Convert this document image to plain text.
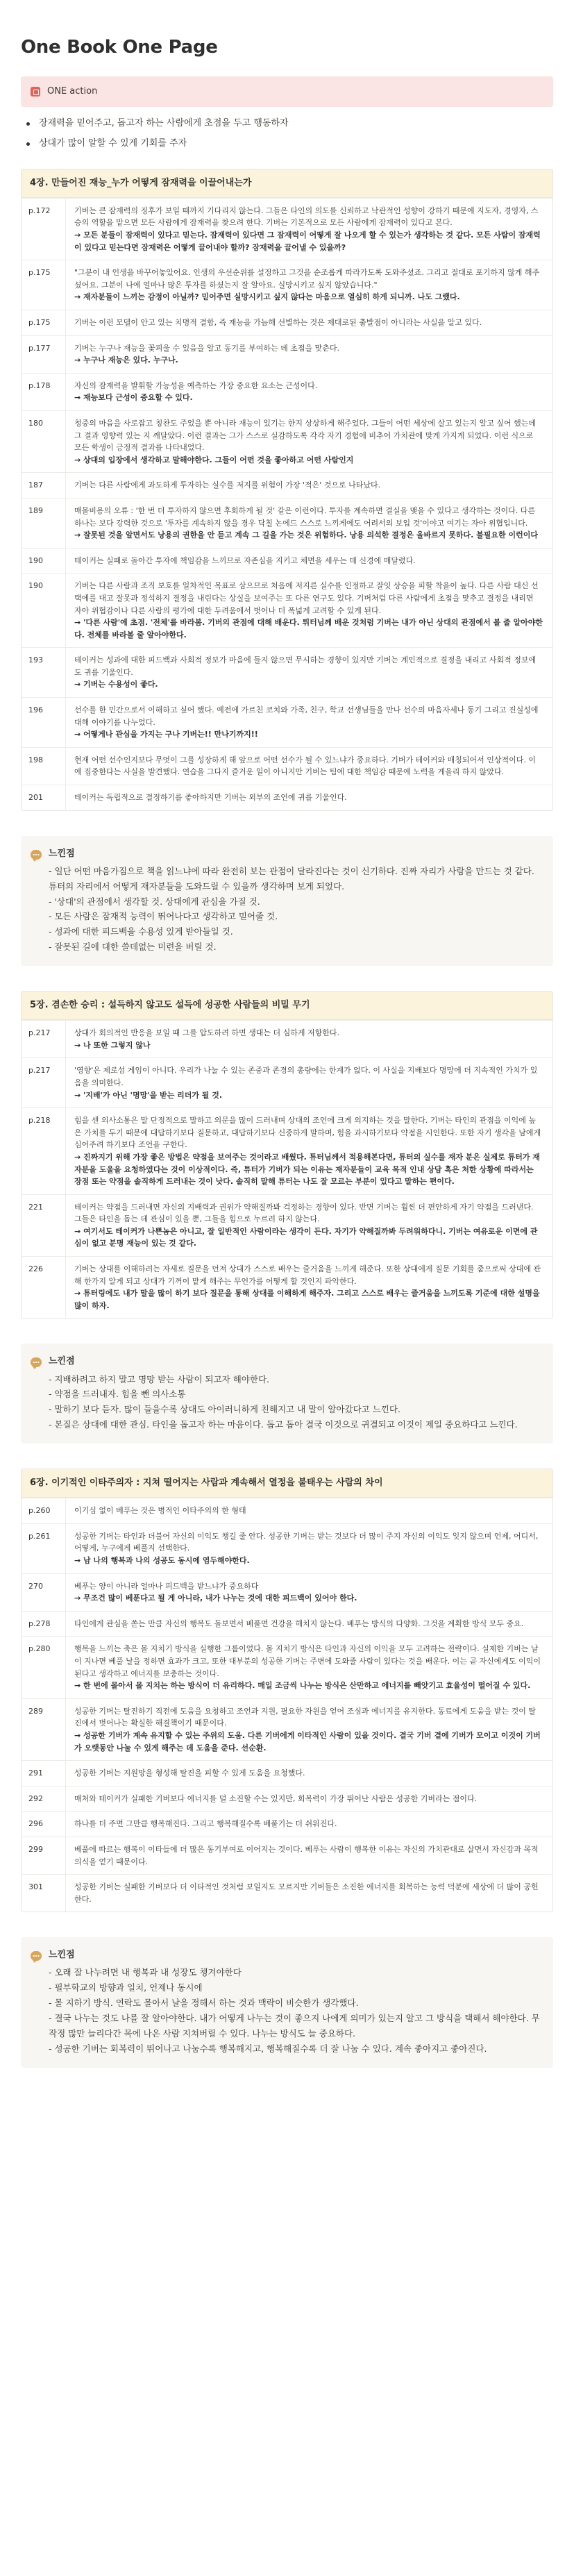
One Book One Page
ONE action
장재력을 믿어주고, 돕고자 하는 사람에게 초점을 두고 행동하자
상대가 많이 알할 수 있게 기회를 주자
4장. 만들어진 재능_누가 어떻게 잠재력을 이끌어내는가
p.172	기버는 큰 잠재력의 징후가 보일 때까지 기다리지 않는다. 그들은 타인의 의도를 신뢰하고 낙관적인 성향이 강하기 때문에 지도자, 경영자, 스승의 역할을 맡으면 모든 사람에게 잠재력을 찾으려 한다. 기버는 기본적으로 모든 사람에게 잠재력이 있다고 본다.
→ 모든 분들이 잠재력이 있다고 믿는다. 잠재력이 있다면 그 잠재력이 어떻게 잘 나오게 할 수 있는가 생각하는 것 같다. 모든 사람이 잠재력이 있다고 믿는다면 잠재력은 어떻게 끌어내야 할까? 잠재력을 끌어낼 수 있을까?
p.175	"그분이 내 인생을 바꾸어놓았어요. 인생의 우선순위를 설정하고 그것을 순조롭게 따라가도록 도와주셨죠. 그리고 절대로 포기하지 않게 해주셨어요. 그분이 나에 얼마나 많은 투자를 하셨는지 잘 알아요. 실망시키고 싶지 않았습니다."
→ 재자분들이 느끼는 감정이 아닐까? 믿어주면 실망시키고 싶지 않다는 마음으로 열심히 하게 되니까. 나도 그랬다.
p.175	기버는 이런 모델이 안고 있는 치명적 결함, 즉 재능을 가늠해 선별하는 것은 제대로된 출발점이 아니라는 사실을 알고 있다.
p.177	기버는 누구나 재능을 꽃피울 수 있음을 알고 동기를 부여하는 데 초점을 맞춘다.
→ 누구나 재능은 있다. 누구나.
p.178	자신의 잠재력을 발휘할 가능성을 예측하는 가장 중요한 요소는 근성이다.
→ 재능보다 근성이 중요할 수 있다.
180	청중의 마음을 사로잡고 칭찬도 주었을 뿐 아니라 재능이 있기는 한지 상상하게 해주었다. 그들이 어떤 세상에 살고 있는지 알고 싶어 했는데 그 결과 영향력 있는 지 깨달았다. 이런 결과는 그가 스스로 실감하도록 각각 자기 경험에 비추어 가치관에 맞게 가지게 되었다. 이런 식으로 모든 학생이 긍정적 결과를 나타내었다.
→ 상대의 입장에서 생각하고 말해야한다. 그들이 어떤 것을 좋아하고 어떤 사람인지
187	기버는 다른 사람에게 과도하게 투자하는 실수를 저지를 위험이 가장 '적은' 것으로 나타났다.
189	매몰비용의 오류 : '한 번 더 투자하지 않으면 후회하게 될 것' 같은 이런이다. 투자를 계속하면 결실을 맺을 수 있다고 생각하는 것이다. 다른 하나는 보다 강력한 것으로 '투자를 계속하지 않을 경우 닥칠 논에드 스스로 느끼게에도 어려서의 보입 것'이야고 여기는 자아 위협입니다.
→ 잘못된 것을 알면서도 낭용의 권한을 안 듣고 계속 그 길을 가는 것은 위험하다. 낭용 의석한 결정은 올바르지 못하다. 불필요한 이런이다
190	테이커는 실패로 돌아간 투자에 책임감을 느끼므로 자존심을 지키고 체면을 세우는 데 신경에 매달렸다.
190	기버는 다른 사람과 조직 보호를 일차적인 목표로 삼으므로 처음에 저지른 실수를 인정하고 잘잇 상승을 피할 착을이 높다. 다른 사람 대신 선택에를 대고 잘못과 정석하지 결정을 내린다는 상실을 보여주는 또 다른 연구도 있다. 기버처럼 다른 사람에게 초점을 맞추고 결정을 내리면 자아 위협감이나 다른 사람의 평가에 대한 두려움에서 벗어나 더 폭넓게 고려할 수 있게 된다.
→ '다른 사람'에 초점. '전체'를 바라봄. 기버의 관점에 대해 배운다. 튀터님께 배운 것처럼 기버는 내가 아닌 상대의 관점에서 볼 줄 알아야한다. 전체를 바라볼 줄 알아야한다.
193	테이커는 성과에 대한 피드백과 사회적 정보가 마음에 들지 않으면 무시하는 경향이 있지만 기버는 계인적으로 결정을 내리고 사회적 정보에도 귀를 기울인다.
→ 기버는 수용성이 좋다.
196	선수를 한 민간으로서 이해하고 싶어 했다. 예전에 가르친 코치와 가족, 친구, 학교 선생님들을 만나 선수의 마음자세나 동기 그리고 진실성에 대해 이야기를 나누었다.
→ 어떻게나 관심을 가지는 구나 기버는!! 만나기까지!!
198	현재 어떤 선수인지보다 무엇이 그를 성장하게 해 앞으로 어떤 선수가 될 수 있느냐가 중요하다. 기버가 테이커와 매칭되어서 인상적이다. 이에 집중한다는 사실을 발견했다. 연습을 그다지 즐거운 일이 아니지만 기버는 팀에 대한 책임감 때문에 노력을 게을리 하지 않았다.
201	테이커는 독립적으로 결정하기를 좋아하지만 기버는 외부의 조언에 귀를 기울인다.
느낀점
- 일단 어떤 마음가짐으로 책을 읽느냐에 따라 완전히 보는 관점이 달라진다는 것이 신기하다. 진짜 자리가 사람을 만드는 것 같다. 튜터의 자리에서 어떻게 재자분들을 도와드릴 수 있을까 생각하며 보게 되었다.
- '상대'의 관점에서 생각할 것. 상대에게 관심을 가질 것.
- 모든 사람은 잠재적 능력이 뛰어나다고 생각하고 믿어줄 것.
- 성과에 대한 피드백을 수용성 있게 받아들일 것.
- 잘못된 길에 대한 쓸데없는 미련을 버릴 것.
5장. 겸손한 승리 : 설득하지 않고도 설득에 성공한 사람들의 비밀 무기
p.217	상대가 회의적인 반응을 보일 때 그를 압도하려 하면 생대는 더 심하게 저항한다.
→ 나 또한 그렇지 않나
p.217	'영향'은 제로섬 게임이 아니다. 우리가 나눌 수 있는 존중과 존경의 총량에는 한계가 없다. 이 사실을 지배보다 명망에 더 지속적인 가치가 있음을 의미한다.
→ '지배'가 아닌 '명망'을 받는 리더가 될 것.
p.218	힘을 센 의사소통은 말 단정적으로 말하고 의문을 많이 드러내며 상대의 조언에 크게 의지하는 것을 말한다. 기버는 타인의 관점을 이익에 높은 가치를 두기 때문에 대답하기보다 질문하고, 대답하기보다 신중하게 말하며, 힘을 과시하기보다 약점을 시인한다. 또한 자기 생각을 남에게 심어주려 하기보다 조언을 구한다.
→ 진짜지기 위해 가장 좋은 방법은 약점을 보여주는 것이라고 배웠다. 튜터님께서 적용해본다면, 튜터의 실수를 재자 분은 실제로 튜터가 재자분을 도울을 요청하였다는 것이 이상적이다. 즉, 튜터가 기버가 되는 이유는 재자분들이 교육 목적 인내 상담 혹은 처한 상황에 따라서는 장점 또는 약점을 솔직하게 드러내는 것이 낫다. 솔직히 말해 튜터는 나도 잘 모르는 부분이 있다고 말하는 편이다.
221	테이커는 약점을 드러내면 자신의 지배력과 권위가 약해질까봐 걱정하는 경향이 있다. 반면 기버는 훨씬 더 편안하게 자기 약점을 드러낸다. 그들은 타인을 돕는 데 관심이 있을 뿐, 그들을 힘으로 누르려 하지 않는다.
→ 여기서도 테이커가 나쁜놈은 아니고, 잘 일반적인 사람이라는 생각이 든다. 자기가 약해질까봐 두려워하다니. 기버는 여유로운 이면에 관심이 없고 분명 재능이 있는 것 같다.
226	기버는 상대를 이해하려는 자세로 질문을 던져 상대가 스스로 배우는 즐거움을 느끼게 해준다. 또한 상대에게 질문 기회를 줌으로써 상대에 관해 한가지 알게 되고 상대가 기꺼이 맡게 해주는 무언가를 어떻게 할 것인지 파악한다.
→ 튜터링에도 내가 말을 많이 하기 보다 질문을 통해 상대를 이해하게 해주자. 그리고 스스로 배우는 즐거움을 느끼도록 기준에 대한 설명을 많이 하자.
느낀점
- 지배하려고 하지 말고 명망 받는 사람이 되고자 해야한다.
- 약점을 드러내자. 힘을 뺀 의사소통
- 말하기 보다 듣자. 많이 들을수록 상대도 아이러니하게 친해지고 내 말이 알아갔다고 느낀다.
- 본질은 상대에 대한 관심. 타인을 돕고자 하는 마음이다. 돕고 돕아 결국 이것으로 귀결되고 이것이 제일 중요하다고 느낀다.
6장. 이기적인 이타주의자 : 지쳐 떨어지는 사람과 계속해서 열정을 불태우는 사람의 차이
p.260	이기심 없이 베푸는 것은 병적인 이타주의의 한 형태
p.261	성공한 기버는 타인과 더불어 자신의 이익도 챙길 줄 안다. 성공한 기버는 받는 것보다 더 많이 주지 자신의 이익도 잊지 않으며 언제, 어디서, 어떻게, 누구에게 베풀지 선택한다.
→ 남 나의 행복과 나의 성공도 동시에 염두해야한다.
270	베푸는 양이 아니라 얼마나 피드백을 받느냐가 중요하다
→ 무조건 많이 베푼다고 될 게 아니라, 내가 나누는 것에 대한 피드백이 있어야 한다.
p.278	타인에게 관심을 쏟는 만큼 자신의 행복도 돌보면서 베풀면 건강을 해치지 않는다. 베푸는 방식의 다양화. 그것을 계획한 방식 모두 중요.
p.280	행복을 느끼는 축은 몰 지치기 방식을 실행한 그룹이었다. 몰 지치기 방식은 타인과 자신의 이익을 모두 고려하는 전략이다. 실제한 기버는 날이 지나면 베풀 날을 정하면 효과가 크고, 또한 대부분의 성공한 기버는 주변에 도와줄 사람이 있다는 것을 배운다. 이는 곧 자신에게도 이익이 된다고 생각하고 에너지를 보충하는 것이다.
→ 한 번에 몰아서 몰 지치는 하는 방식이 더 유리하다. 매일 조금씩 나누는 방식은 산만하고 에너지를 빼앗기고 효율성이 떨어질 수 있다.
289	성공한 기버는 탈진하기 직전에 도움을 요청하고 조언과 지원, 필요한 자원을 얻어 조심과 에너지를 유지한다. 동료에게 도움을 받는 것이 탈진에서 벗어나는 확실한 해결책이기 때문이다.
→ 성공한 기버가 계속 유지할 수 있는 주위의 도움. 다른 기버에게 이타적인 사람이 있을 것이다. 결국 기버 곁에 기버가 모이고 이것이 기버가 오랫동안 나눌 수 있게 해주는 데 도움을 준다. 선순환.
291	성공한 기버는 지원망을 형성해 탈진을 피할 수 있게 도움을 요청했다.
292	매처와 테이커가 실패한 기버보다 에너지를 덜 소진할 수는 있지만, 회복력이 가장 뛰어난 사람은 성공한 기버라는 점이다.
296	하나를 더 주면 그만큼 행복해진다. 그리고 행복해질수록 베풀기는 더 쉬워진다.
299	베풀에 따르는 행복이 이타들에 더 많은 동기부여로 이어지는 것이다. 베푸는 사람이 행복한 이유는 자신의 가치관대로 살면서 자신감과 목적의식을 얻기 때문이다.
301	성공한 기버는 실패한 기버보다 더 이타적인 것처럼 보일지도 모르지만 기버들은 소진한 에너지를 회복하는 능력 덕분에 세상에 더 많이 공헌한다.
느낀점
- 오래 잘 나누려면 내 행복과 내 성장도 챙겨야한다
- 필부학교의 방향과 일치, 언제나 동시에
- 몰 지하기 방식. 연락도 몰아서 날을 정해서 하는 것과 맥락이 비슷한가 생각했다.
- 결국 나누는 것도 나를 잘 알아야한다. 내가 어떻게 나누는 것이 좋으지 나에게 의미가 있는지 알고 그 방식을 택해서 해야한다. 무작정 많만 늘리다간 목에 나온 사람 지쳐버릴 수 있다. 나누는 방식도 늘 중요하다.
- 성공한 기버는 회복력이 뛰어나고 나눔수록 행복해지고, 행복해질수록 더 잘 나눔 수 있다. 계속 좋아지고 좋아진다.
